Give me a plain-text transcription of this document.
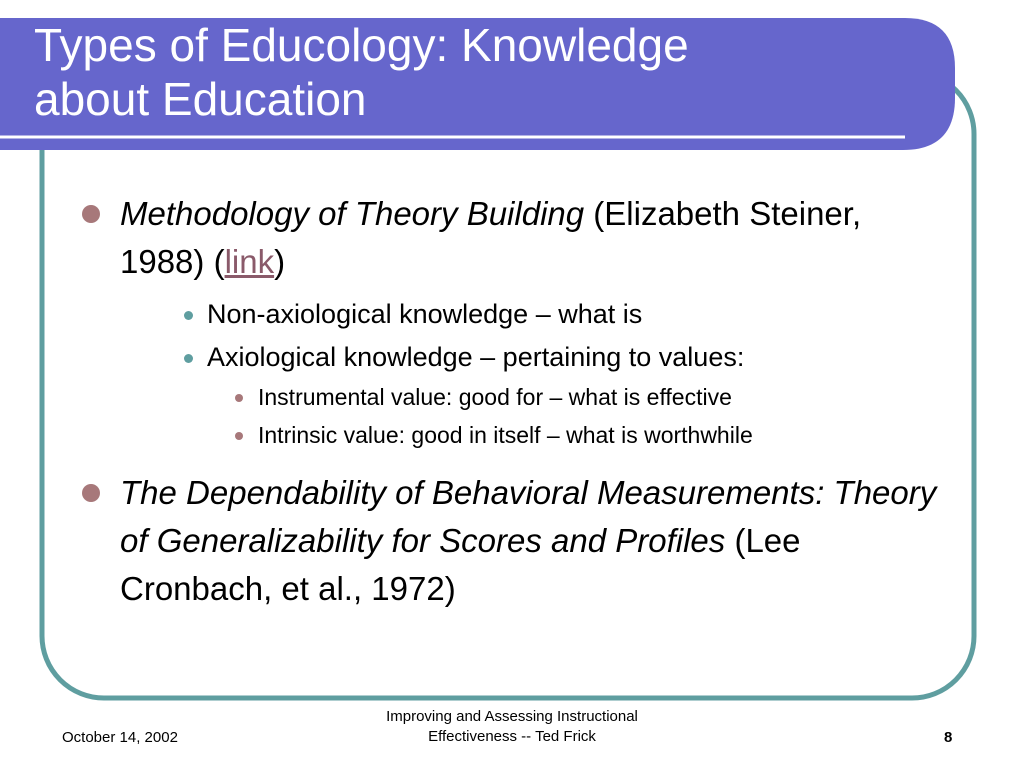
Types of Educology: Knowledge
about Education
Methodology of Theory Building (Elizabeth Steiner, 1988) (link)
Non-axiological knowledge – what is
Axiological knowledge – pertaining to values:
Instrumental value: good for – what is effective
Intrinsic value: good in itself – what is worthwhile
The Dependability of Behavioral Measurements: Theory of Generalizability for Scores and Profiles (Lee Cronbach, et al., 1972)
October 14, 2002
Improving and Assessing Instructional
Effectiveness -- Ted Frick	8
